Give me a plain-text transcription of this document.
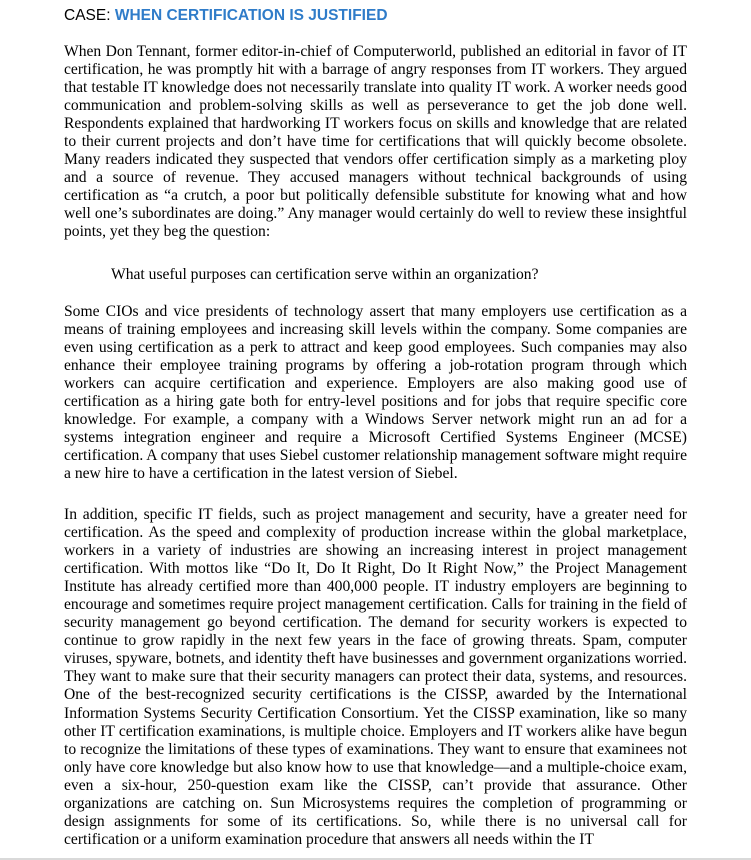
CASE: WHEN CERTIFICATION IS JUSTIFIED

When Don Tennant, former editor-in-chief of Computerworld, published an editorial in favor of IT certification, he was promptly hit with a barrage of angry responses from IT workers. They argued that testable IT knowledge does not necessarily translate into quality IT work. A worker needs good communication and problem-solving skills as well as perseverance to get the job done well. Respondents explained that hardworking IT workers focus on skills and knowledge that are related to their current projects and don’t have time for certifications that will quickly become obsolete. Many readers indicated they suspected that vendors offer certification simply as a marketing ploy and a source of revenue. They accused managers without technical backgrounds of using certification as “a crutch, a poor but politically defensible substitute for knowing what and how well one’s subordinates are doing.” Any manager would certainly do well to review these insightful points, yet they beg the question:

What useful purposes can certification serve within an organization?

Some CIOs and vice presidents of technology assert that many employers use certification as a means of training employees and increasing skill levels within the company. Some companies are even using certification as a perk to attract and keep good employees. Such companies may also enhance their employee training programs by offering a job-rotation program through which workers can acquire certification and experience. Employers are also making good use of certification as a hiring gate both for entry-level positions and for jobs that require specific core knowledge. For example, a company with a Windows Server network might run an ad for a systems integration engineer and require a Microsoft Certified Systems Engineer (MCSE) certification. A company that uses Siebel customer relationship management software might require a new hire to have a certification in the latest version of Siebel.

In addition, specific IT fields, such as project management and security, have a greater need for certification. As the speed and complexity of production increase within the global marketplace, workers in a variety of industries are showing an increasing interest in project management certification. With mottos like “Do It, Do It Right, Do It Right Now,” the Project Management Institute has already certified more than 400,000 people. IT industry employers are beginning to encourage and sometimes require project management certification. Calls for training in the field of security management go beyond certification. The demand for security workers is expected to continue to grow rapidly in the next few years in the face of growing threats. Spam, computer viruses, spyware, botnets, and identity theft have businesses and government organizations worried. They want to make sure that their security managers can protect their data, systems, and resources. One of the best-recognized security certifications is the CISSP, awarded by the International Information Systems Security Certification Consortium. Yet the CISSP examination, like so many other IT certification examinations, is multiple choice. Employers and IT workers alike have begun to recognize the limitations of these types of examinations. They want to ensure that examinees not only have core knowledge but also know how to use that knowledge—and a multiple-choice exam, even a six-hour, 250-question exam like the CISSP, can’t provide that assurance. Other organizations are catching on. Sun Microsystems requires the completion of programming or design assignments for some of its certifications. So, while there is no universal call for certification or a uniform examination procedure that answers all needs within the IT
